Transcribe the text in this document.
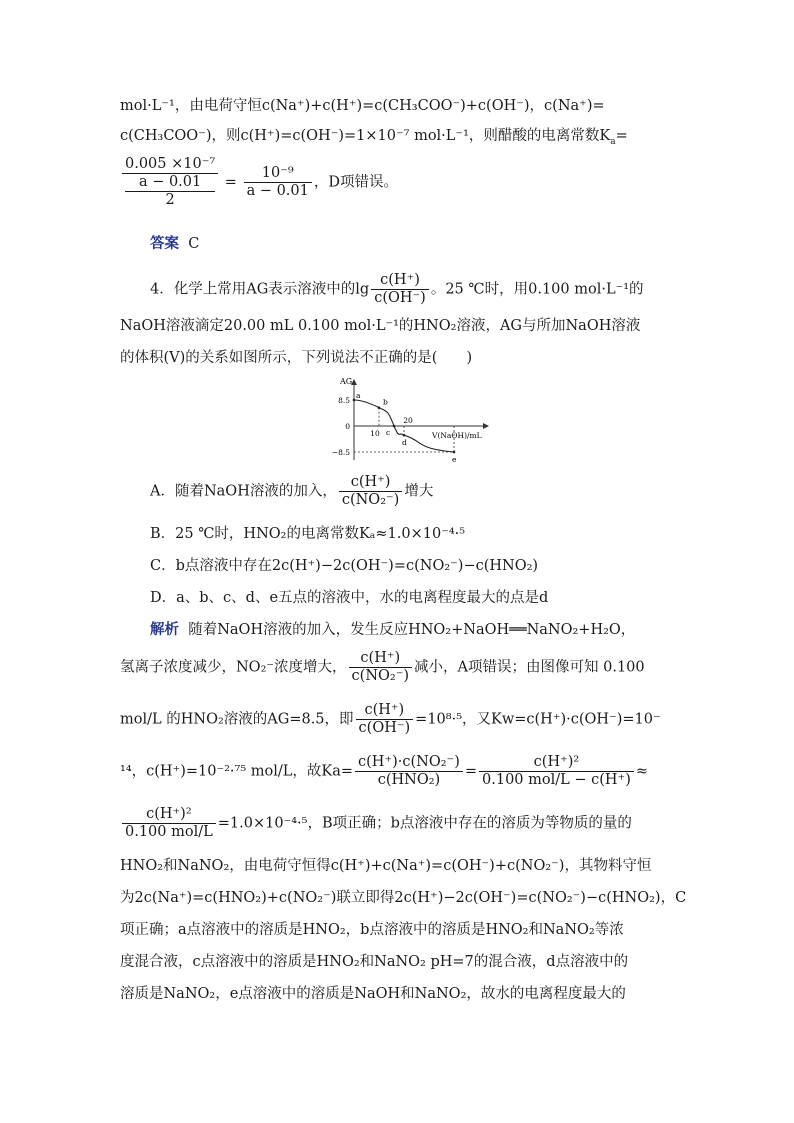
mol·L⁻¹，由电荷守恒c(Na⁺)+c(H⁺)=c(CH₃COO⁻)+c(OH⁻)，c(Na⁺)=
c(CH₃COO⁻)，则c(H⁺)=c(OH⁻)=1×10⁻⁷ mol·L⁻¹，则醋酸的电离常数$K_a=$
0.005 ×10⁻⁷
a − 0.01
$2 = \frac{\text{10⁻⁹}}{a - 0.01}$ ，D项错误。
答案 C
4．化学上常用AG表示溶液中的$\lg \frac{c(H^+)}{c(OH^-)}$ 。25 ℃时，用0.100 mol·L⁻¹的
NaOH溶液滴定20.00 mL 0.100 mol·L⁻¹的HNO₂溶液，AG与所加NaOH溶液
的体积(V)的关系如图所示，下列说法不正确的是(　　)
AG
V(NaOH)/mL
8.5
0
−8.5
10
20
a
b
c
d
e
A．随着NaOH溶液的加入， $\frac{c(H^+)}{\text{c(NO₂⁻)}}$ 增大
B．25 ℃时，HNO₂的电离常数Kₐ≈1.0×10⁻⁴·⁵
C．b点溶液中存在2c(H⁺)−2c(OH⁻)=c(NO₂⁻)−c(HNO₂)
D．a、b、c、d、e五点的溶液中，水的电离程度最大的点是d
解析 随着NaOH溶液的加入，发生反应HNO₂+NaOH══NaNO₂+H₂O，
氢离子浓度减少，NO₂⁻浓度增大， $\frac{c(H^+)}{\text{c(NO₂⁻)}}$ 减小，A项错误；由图像可知 0.100
mol/L 的HNO₂溶液的AG=8.5，即 $\frac{c(H^+)}{c(OH^-)} =10^8\cdot^5$，又Kw=c(H⁺)·c(OH⁻)=10⁻
¹⁴，c(H⁺)=10⁻²·⁷⁵ mol/L，故$Ka= \frac{\text{c(H⁺)·c(NO₂⁻)}}{\text{c(HNO₂)}} = \frac{\text{c(H⁺)²}}{\text{0.100 mol/L − c(H⁺)}}$ ≈
$\frac{\text{c(H⁺)²}}{\text{0.100 mol/L}} =1.0\times 10^{-4}\cdot^5$，B项正确；b点溶液中存在的溶质为等物质的量的
HNO₂和NaNO₂，由电荷守恒得c(H⁺)+c(Na⁺)=c(OH⁻)+c(NO₂⁻)，其物料守恒
为2c(Na⁺)=c(HNO₂)+c(NO₂⁻)联立即得2c(H⁺)−2c(OH⁻)=c(NO₂⁻)−c(HNO₂)，C
项正确；a点溶液中的溶质是HNO₂，b点溶液中的溶质是HNO₂和NaNO₂等浓
度混合液，c点溶液中的溶质是HNO₂和NaNO₂ pH=7的混合液，d点溶液中的
溶质是NaNO₂，e点溶液中的溶质是NaOH和NaNO₂，故水的电离程度最大的
